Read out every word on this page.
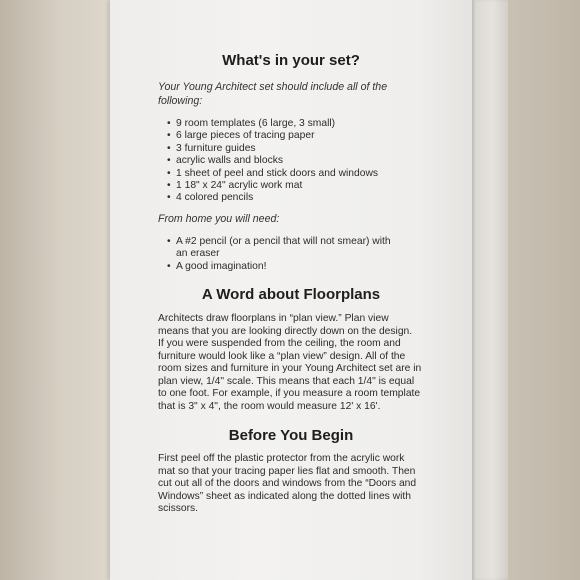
What's in your set?
Your Young Architect set should include all of the
following:
• 9 room templates (6 large, 3 small)
• 6 large pieces of tracing paper
• 3 furniture guides
• acrylic walls and blocks
• 1 sheet of peel and stick doors and windows
• 1 18" x 24" acrylic work mat
• 4 colored pencils
From home you will need:
• A #2 pencil (or a pencil that will not smear) with
an eraser
• A good imagination!
A Word about Floorplans
Architects draw floorplans in “plan view.” Plan view
means that you are looking directly down on the design.
If you were suspended from the ceiling, the room and
furniture would look like a “plan view” design. All of the
room sizes and furniture in your Young Architect set are in
plan view, 1/4" scale. This means that each 1/4" is equal
to one foot. For example, if you measure a room template
that is 3" x 4", the room would measure 12' x 16'.
Before You Begin
First peel off the plastic protector from the acrylic work
mat so that your tracing paper lies flat and smooth. Then
cut out all of the doors and windows from the “Doors and
Windows” sheet as indicated along the dotted lines with
scissors.
